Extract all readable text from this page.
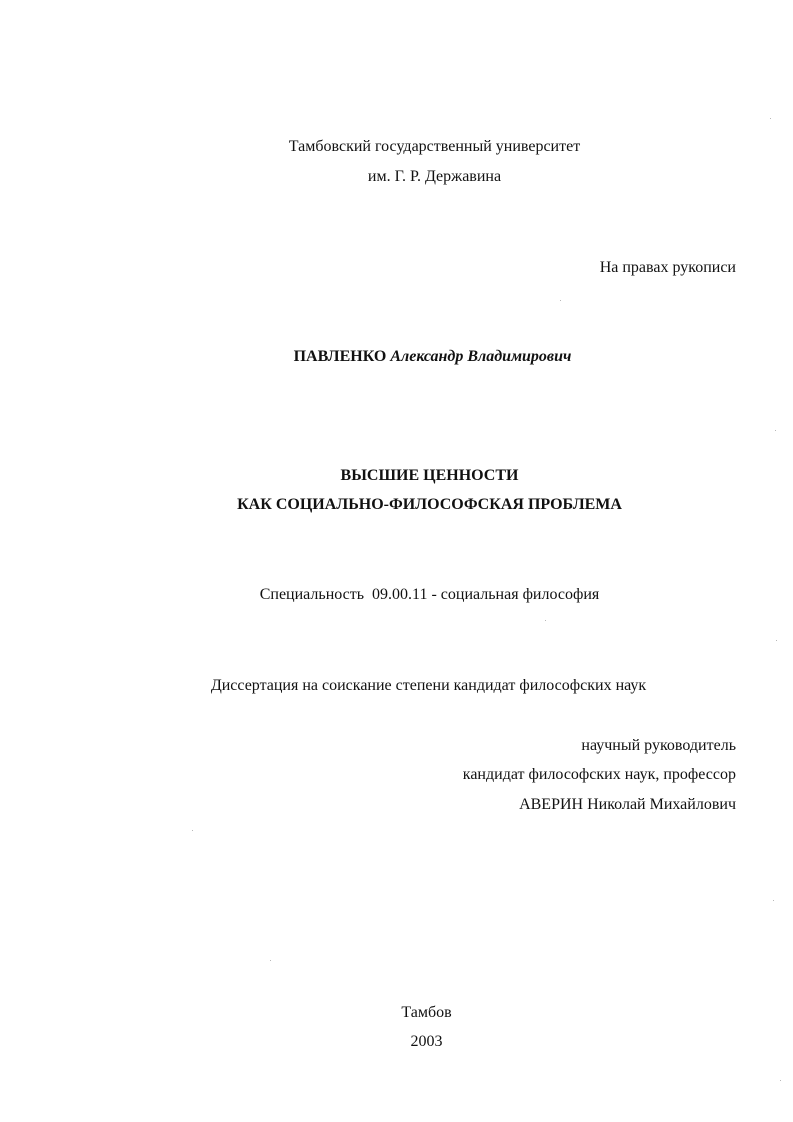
Тамбовский государственный университет
им. Г. Р. Державина
На правах рукописи
ПАВЛЕНКО Александр Владимирович
ВЫСШИЕ ЦЕННОСТИ
КАК СОЦИАЛЬНО-ФИЛОСОФСКАЯ ПРОБЛЕМА
Специальность  09.00.11 - социальная философия
Диссертация на соискание степени кандидат философских наук
научный руководитель
кандидат философских наук, профессор
АВЕРИН Николай Михайлович
Тамбов
2003
